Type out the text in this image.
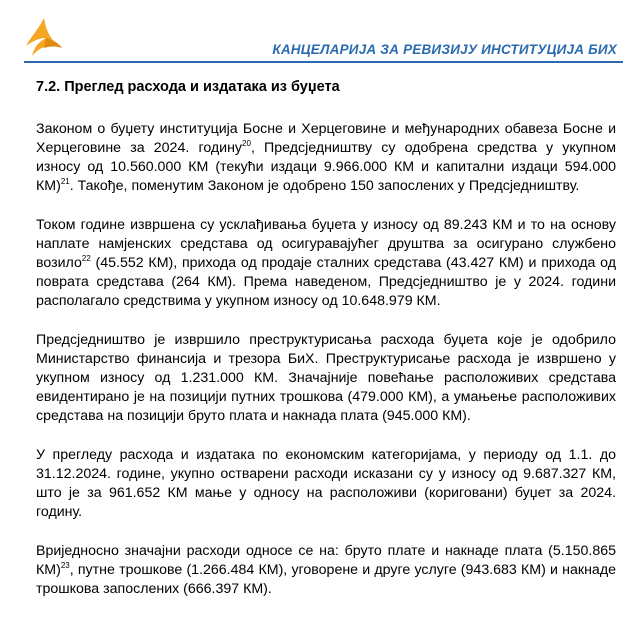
КАНЦЕЛАРИЈА ЗА РЕВИЗИЈУ ИНСТИТУЦИЈА БИХ
7.2. Преглед расхода и издатака из буџета

Законом о буџету институција Босне и Херцеговине и међународних обавеза Босне и Херцеговине за 2024. годину$^{20}$, Предсједништву су одобрена средства у укупном износу од 10.560.000 КМ (текући издаци 9.966.000 КМ и капитални издаци 594.000 КМ)$^{21}$. Такође, поменутим Законом је одобрено 150 запослених у Предсједништву.

Током године извршена су усклађивања буџета у износу од 89.243 КМ и то на основу наплате намјенских средстава од осигуравајућег друштва за осигурано службено возило$^{22}$ (45.552 КМ), прихода од продаје сталних средстава (43.427 КМ) и прихода од поврата средстава (264 КМ). Према наведеном, Предсједништво је у 2024. години располагало средствима у укупном износу од 10.648.979 КМ.

Предсједништво је извршило преструктурисања расхода буџета које је одобрило Министарство финансија и трезора БиХ. Преструктурисање расхода је извршено у укупном износу од 1.231.000 КМ. Значајније повећање расположивих средстава евидентирано је на позицији путних трошкова (479.000 КМ), а умањење расположивих средстава на позицији бруто плата и накнада плата (945.000 КМ).

У прегледу расхода и издатака по економским категоријама, у периоду од 1.1. до 31.12.2024. године, укупно остварени расходи исказани су у износу од 9.687.327 КМ, што је за 961.652 КМ мање у односу на расположиви (кориговани) буџет за 2024. годину.

Вриједносно значајни расходи односе се на: бруто плате и накнаде плата (5.150.865 КМ)$^{23}$, путне трошкове (1.266.484 КМ), уговорене и друге услуге (943.683 КМ) и накнаде трошкова запослених (666.397 КМ).
